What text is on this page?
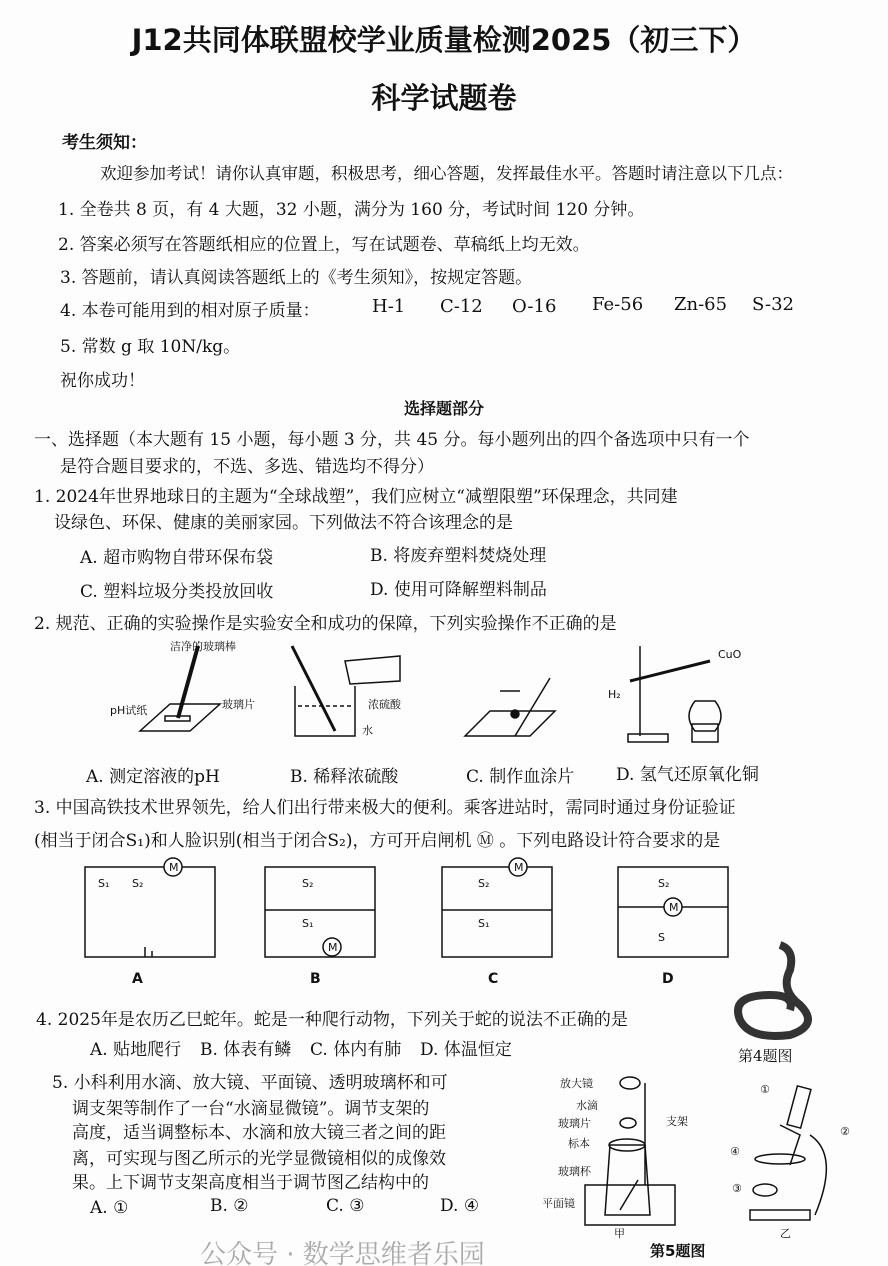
J12共同体联盟校学业质量检测2025（初三下）
科学试题卷
考生须知：
欢迎参加考试！请你认真审题，积极思考，细心答题，发挥最佳水平。答题时请注意以下几点：
1. 全卷共 8 页，有 4 大题，32 小题，满分为 160 分，考试时间 120 分钟。
2. 答案必须写在答题纸相应的位置上，写在试题卷、草稿纸上均无效。
3. 答题前，请认真阅读答题纸上的《考生须知》，按规定答题。
4. 本卷可能用到的相对原子质量：	H-1 C-12 O-16 Fe-56 Zn-65 S-32
5. 常数 g 取 10N/kg。
祝你成功！
选择题部分
一、选择题（本大题有 15 小题，每小题 3 分，共 45 分。每小题列出的四个备选项中只有一个
是符合题目要求的，不选、多选、错选均不得分）
1. 2024年世界地球日的主题为“全球战塑”，我们应树立“减塑限塑”环保理念，共同建
设绿色、环保、健康的美丽家园。下列做法不符合该理念的是
A. 超市购物自带环保布袋	B. 将废弃塑料焚烧处理
C. 塑料垃圾分类投放回收	D. 使用可降解塑料制品
2. 规范、正确的实验操作是实验安全和成功的保障，下列实验操作不正确的是
洁净的玻璃棒
pH试纸	玻璃片	浓硫酸
水
CuO
H₂
A. 测定溶液的pH	B. 稀释浓硫酸	C. 制作血涂片 D. 氢气还原氧化铜
3. 中国高铁技术世界领先，给人们出行带来极大的便利。乘客进站时，需同时通过身份证验证
(相当于闭合S₁)和人脸识别(相当于闭合S₂)，方可开启闸机 Ⓜ 。下列电路设计符合要求的是
M
S₁ S₂
A
M
S₂
S₁
B
M
S₂
S₁
C
M
S₂
S
D
4. 2025年是农历乙巳蛇年。蛇是一种爬行动物，下列关于蛇的说法不正确的是
A. 贴地爬行 B. 体表有鳞 C. 体内有肺 D. 体温恒定	第4题图
5. 小科利用水滴、放大镜、平面镜、透明玻璃杯和可
调支架等制作了一台“水滴显微镜”。调节支架的
高度，适当调整标本、水滴和放大镜三者之间的距
离，可实现与图乙所示的光学显微镜相似的成像效
果。上下调节支架高度相当于调节图乙结构中的
A. ①	B. ②	C. ③	D. ④
放大镜
水滴
玻璃片
标本
玻璃杯
平面镜
支架
甲	乙
①
②
③
④
第5题图
公众号 · 数学思维者乐园
